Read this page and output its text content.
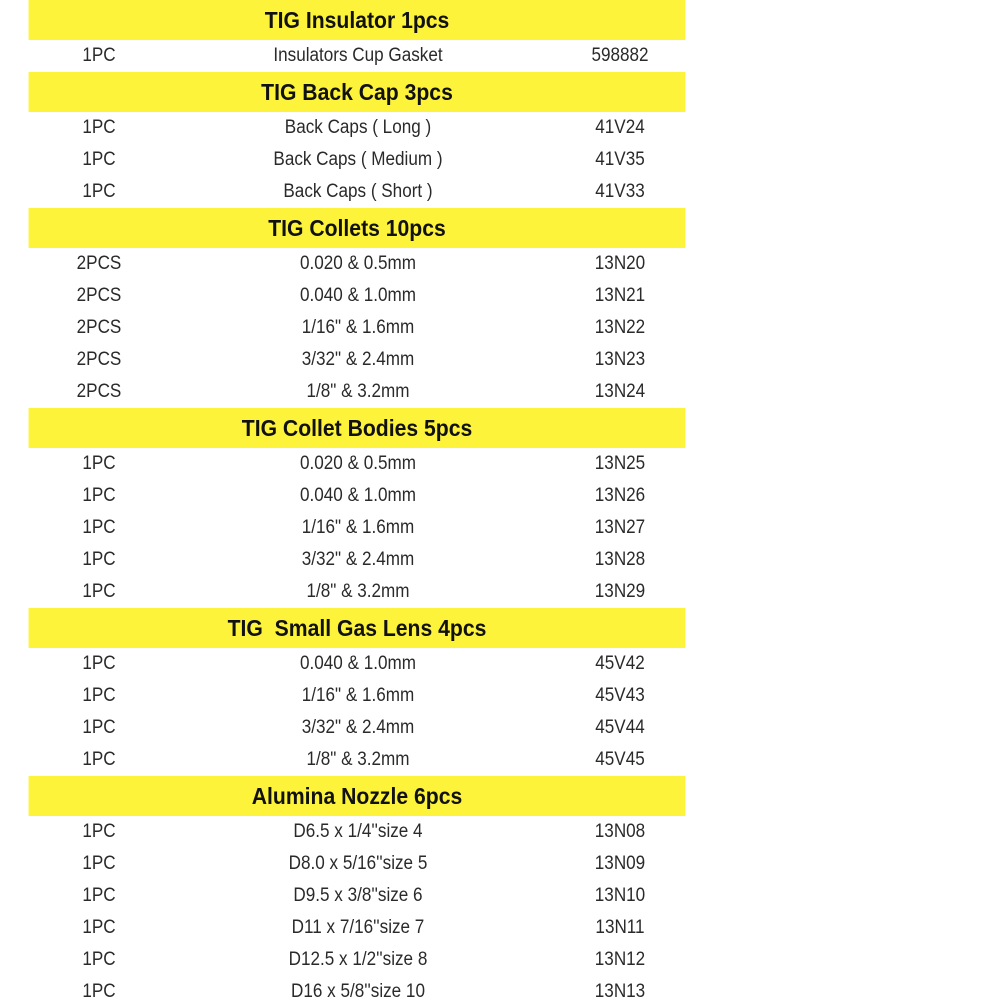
TIG Insulator 1pcs
1PC	Insulators Cup Gasket	598882
TIG Back Cap 3pcs
1PC	Back Caps ( Long )	41V24
1PC	Back Caps ( Medium )	41V35
1PC	Back Caps ( Short )	41V33
TIG Collets 10pcs
2PCS	0.020 & 0.5mm	13N20
2PCS	0.040 & 1.0mm	13N21
2PCS	1/16" & 1.6mm	13N22
2PCS	3/32" & 2.4mm	13N23
2PCS	1/8" & 3.2mm	13N24
TIG Collet Bodies 5pcs
1PC	0.020 & 0.5mm	13N25
1PC	0.040 & 1.0mm	13N26
1PC	1/16" & 1.6mm	13N27
1PC	3/32" & 2.4mm	13N28
1PC	1/8" & 3.2mm	13N29
TIG  Small Gas Lens 4pcs
1PC	0.040 & 1.0mm	45V42
1PC	1/16" & 1.6mm	45V43
1PC	3/32" & 2.4mm	45V44
1PC	1/8" & 3.2mm	45V45
Alumina Nozzle 6pcs
1PC	D6.5 x 1/4''size 4	13N08
1PC	D8.0 x 5/16''size 5	13N09
1PC	D9.5 x 3/8''size 6	13N10
1PC	D11 x 7/16''size 7	13N11
1PC	D12.5 x 1/2''size 8	13N12
1PC	D16 x 5/8''size 10	13N13
